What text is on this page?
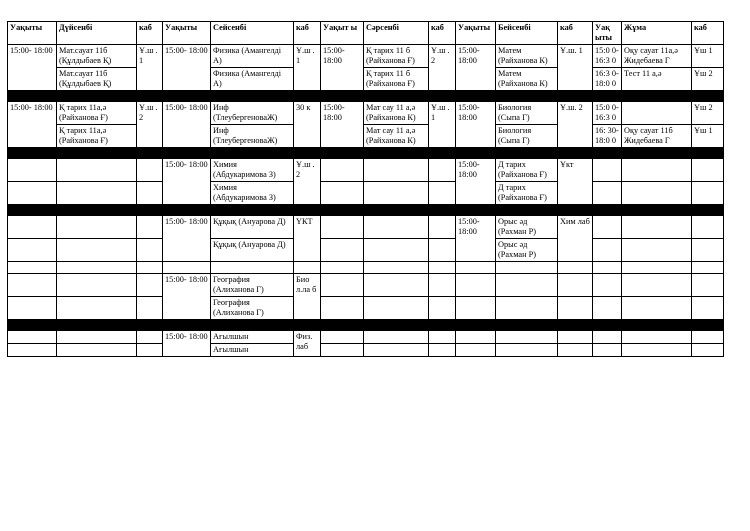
Уақыты	Дүйсенбі	каб	Уақыты	Сейсенбі	каб	Уақыт ы	Сәрсенбі	каб	Уақыты	Бейсенбі	каб	Уақ ыты	Жұма	каб
15:00- 18:00	Мат.сауат 11б (Құлдыбаев Қ)	Ұ.ш . 1	15:00- 18:00	Физика (Амангелді А)	Ұ.ш . 1	15:00- 18:00	Қ тарих 11 б (Райханова Ғ)	Ұ.ш . 2	15:00- 18:00	Матем (Райханова К)	Ұ.ш. 1	15:0 0- 16:3 0	Оқу сауат 11а,ә Жидебаева Г	Ұш 1
	Мат.сауат 11б (Құлдыбаев Қ)			Физика (Амангелді А)			Қ тарих 11 б (Райханова Ғ)			Матем (Райханова К)		16:3 0- 18:0 0	Тест 11 а,ә	Ұш 2

15:00- 18:00	Қ тарих 11а,ә (Райханова Ғ)	Ұ.ш . 2	15:00- 18:00	Инф (ТлеубергеноваЖ)	30 к	15:00- 18:00	Мат сау 11 а,ә (Райханова К)	Ұ.ш . 1	15:00- 18:00	Биология (Сыпа Г)	Ұ.ш. 2	15:0 0- 16:3 0		Ұш 2
	Қ тарих 11а,ә (Райханова Ғ)			Инф (ТлеубергеноваЖ)			Мат сау 11 а,ә (Райханова К)			Биология (Сыпа Г)		16: 30- 18:0 0	Оқу сауат 11б Жидебаева Г	Ұш 1

			15:00- 18:00	Химия (Абдукаримова З)	Ұ.ш . 2				15:00- 18:00	Д тарих (Райханова Ғ)	Ұкт			
				Химия (Абдукаримова З)						Д тарих (Райханова Ғ)				

			15:00- 18:00	Құқық (Ануарова Д)	ҮКТ				15:00- 18:00	Орыс әд (Рахман Р)	Хим лаб			
				Құқық (Ануарова Д)						Орыс әд (Рахман Р)				

			15:00- 18:00	География (Алиханова Г)	Био л.ла б									
				География (Алиханова Г)										

			15:00- 18:00	Ағылшын	Физ. лаб									
				Ағылшын										
